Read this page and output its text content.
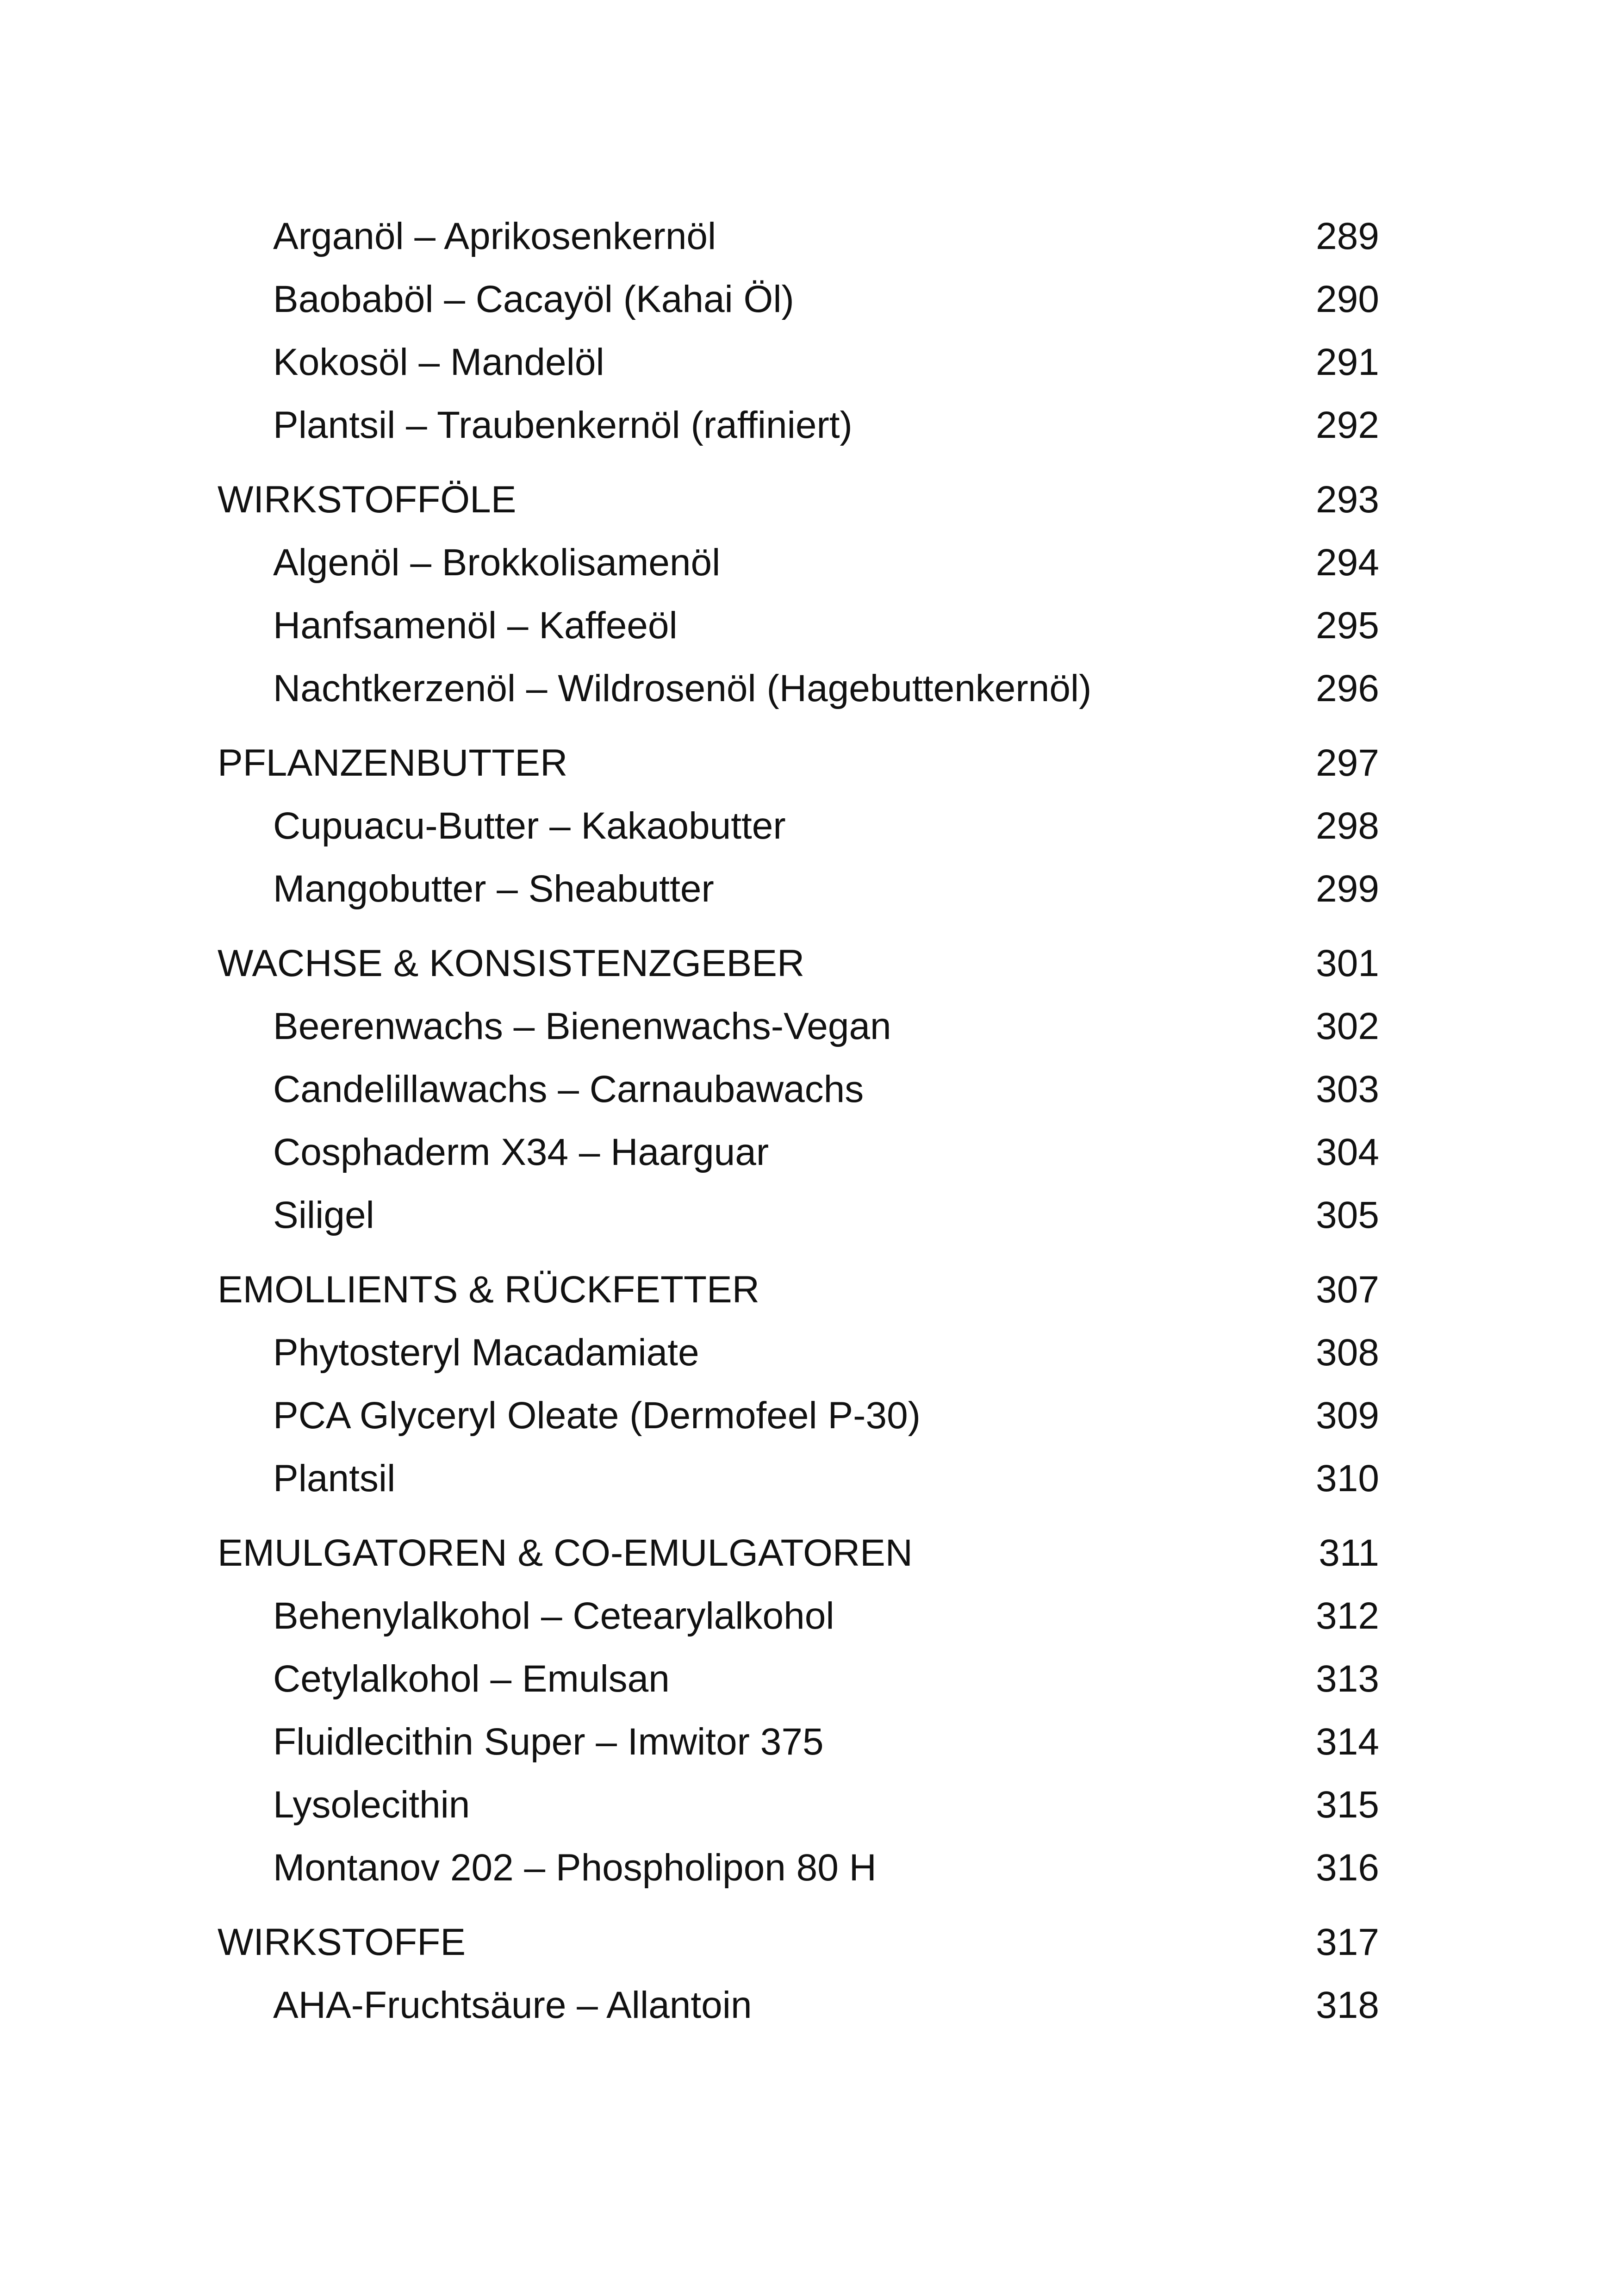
Arganöl – Aprikosenkernöl	289
Baobaböl – Cacayöl (Kahai Öl)	290
Kokosöl – Mandelöl	291
Plantsil – Traubenkernöl (raffiniert)	292
WIRKSTOFFÖLE	293
Algenöl – Brokkolisamenöl	294
Hanfsamenöl – Kaffeeöl	295
Nachtkerzenöl – Wildrosenöl (Hagebuttenkernöl)	296
PFLANZENBUTTER	297
Cupuacu-Butter – Kakaobutter	298
Mangobutter – Sheabutter	299
WACHSE & KONSISTENZGEBER	301
Beerenwachs – Bienenwachs-Vegan	302
Candelillawachs – Carnaubawachs	303
Cosphaderm X34 – Haarguar	304
Siligel	305
EMOLLIENTS & RÜCKFETTER	307
Phytosteryl Macadamiate	308
PCA Glyceryl Oleate (Dermofeel P-30)	309
Plantsil	310
EMULGATOREN & CO-EMULGATOREN	311
Behenylalkohol – Cetearylalkohol	312
Cetylalkohol – Emulsan	313
Fluidlecithin Super – Imwitor 375	314
Lysolecithin	315
Montanov 202 – Phospholipon 80 H	316
WIRKSTOFFE	317
AHA-Fruchtsäure – Allantoin	318
